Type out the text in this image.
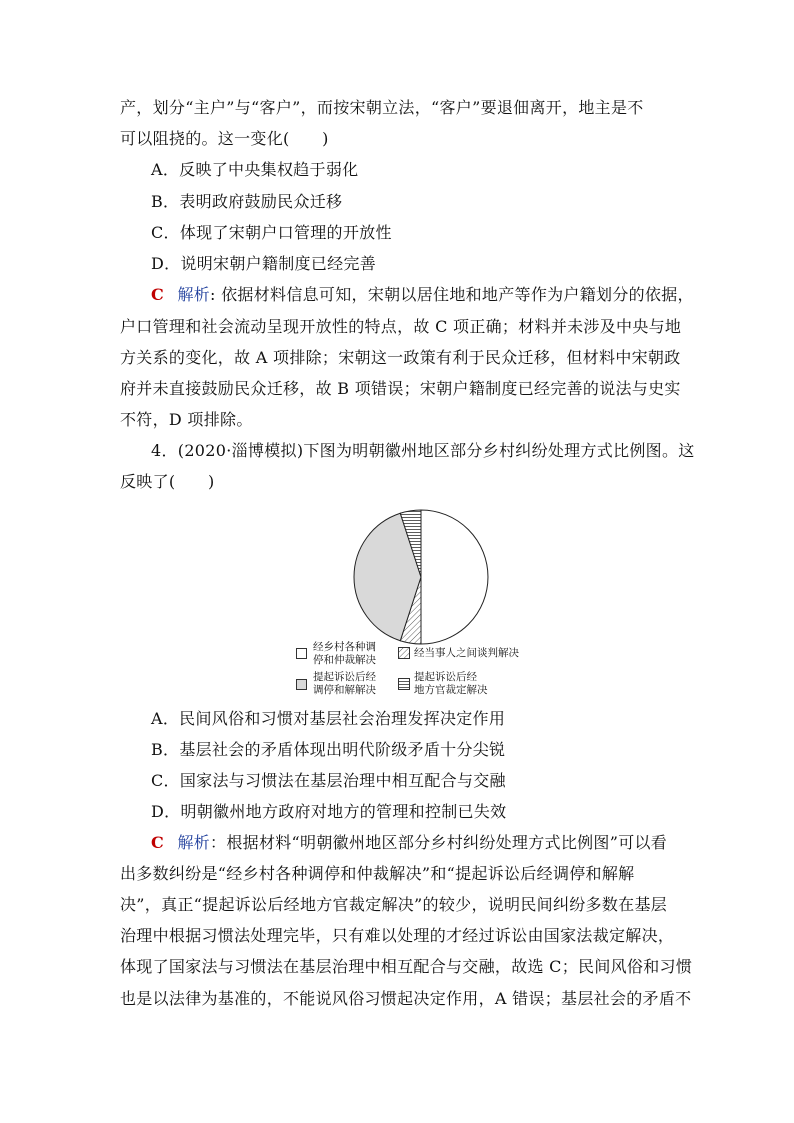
产，划分“主户”与“客户”，而按宋朝立法，“客户”要退佃离开，地主是不
可以阻挠的。这一变化(　　)
A．反映了中央集权趋于弱化
B．表明政府鼓励民众迁移
C．体现了宋朝户口管理的开放性
D．说明宋朝户籍制度已经完善
C 解析: 依据材料信息可知，宋朝以居住地和地产等作为户籍划分的依据，
户口管理和社会流动呈现开放性的特点，故 C 项正确；材料并未涉及中央与地
方关系的变化，故 A 项排除；宋朝这一政策有利于民众迁移，但材料中宋朝政
府并未直接鼓励民众迁移，故 B 项错误；宋朝户籍制度已经完善的说法与史实
不符，D 项排除。
4．(2020·淄博模拟)下图为明朝徽州地区部分乡村纠纷处理方式比例图。这
反映了(　　)
经乡村各种调
停和仲裁解决
经当事人之间谈判解决
提起诉讼后经
调停和解解决
提起诉讼后经
地方官裁定解决
A．民间风俗和习惯对基层社会治理发挥决定作用
B．基层社会的矛盾体现出明代阶级矛盾十分尖锐
C．国家法与习惯法在基层治理中相互配合与交融
D．明朝徽州地方政府对地方的管理和控制已失效
C 解析：根据材料“明朝徽州地区部分乡村纠纷处理方式比例图”可以看
出多数纠纷是“经乡村各种调停和仲裁解决”和“提起诉讼后经调停和解解
决”，真正“提起诉讼后经地方官裁定解决”的较少，说明民间纠纷多数在基层
治理中根据习惯法处理完毕，只有难以处理的才经过诉讼由国家法裁定解决，
体现了国家法与习惯法在基层治理中相互配合与交融，故选 C；民间风俗和习惯
也是以法律为基准的，不能说风俗习惯起决定作用，A 错误；基层社会的矛盾不
